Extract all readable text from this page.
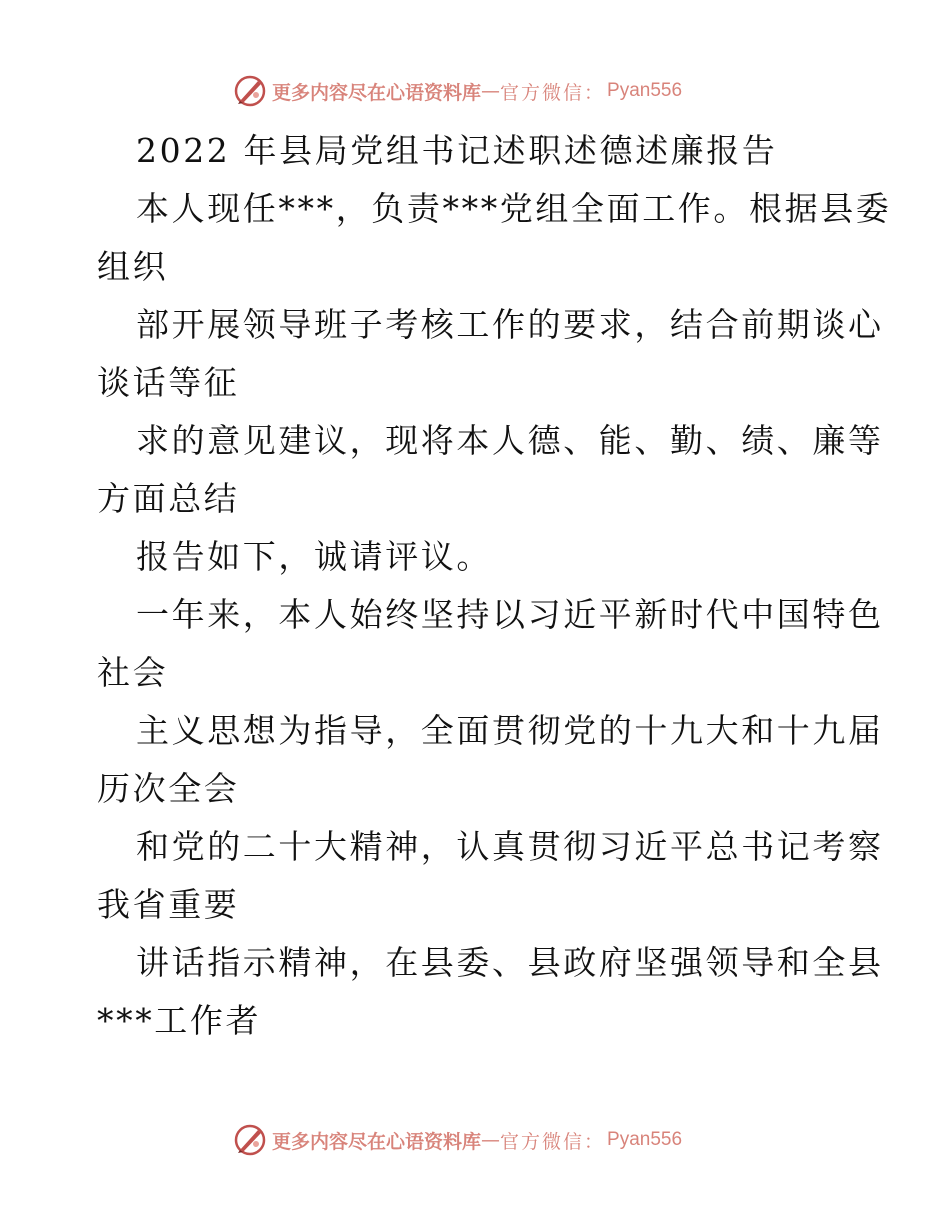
更多内容尽在心语资料库 — 官方微信： Pyan556
2022 年县局党组书记述职述德述廉报告
本人现任***，负责***党组全面工作。根据县委
组织
部开展领导班子考核工作的要求，结合前期谈心
谈话等征
求的意见建议，现将本人德、能、勤、绩、廉等
方面总结
报告如下，诚请评议。
一年来，本人始终坚持以习近平新时代中国特色
社会
主义思想为指导，全面贯彻党的十九大和十九届
历次全会
和党的二十大精神，认真贯彻习近平总书记考察
我省重要
讲话指示精神，在县委、县政府坚强领导和全县
***工作者
更多内容尽在心语资料库 — 官方微信： Pyan556
